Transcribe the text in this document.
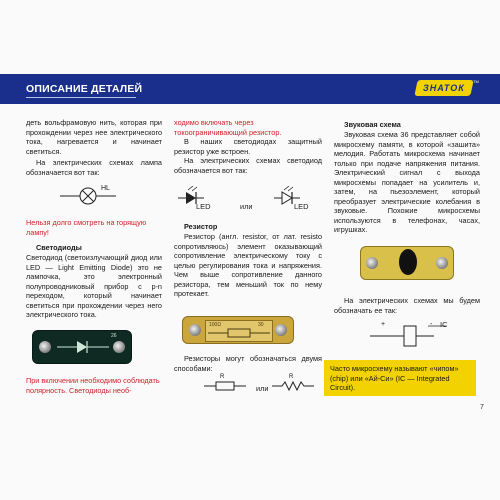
ОПИСАНИЕ ДЕТАЛЕЙ	ЗНАТОК
TM
деть вольфрамовую нить, которая при прохождении через нее электрического тока, нагревается и начинает светиться.
На электрических схемах лампа обозначается вот так:
HL
Нельзя долго смотреть на горящую лампу!
Светодиоды
Светодиод (светоизлучающий диод или LED — Light Emitting Diode) это не лампочка, это электронный полупроводниковый прибор с p-n переходом, который начинает светиться при прохождении через него электрического тока.
26
При включении необходимо соблюдать полярность. Светодиоды необ-
ходимо включать через токоограничивающий резистор.
В наших светодиодах защитный резистор уже встроен.
На электрических схемах светодиод обозначается вот так:
LED	или	LED
Резистор
Резистор (англ. resistor, от лат. resisto сопротивляюсь) элемент оказывающий сопротивление электрическому току с целью регулирования тока и напряжения. Чем выше сопротивление данного резистора, тем меньший ток по нему протекает.
100Ω	30
Резисторы могут обозначаться двумя способами:
R
или
R
Звуковая схема
Звуковая схема 36 представляет собой микросхему памяти, в которой «зашита» мелодия. Работать микросхема начинает только при подаче напряжения питания. Электрический сигнал с выхода микросхемы попадает на усилитель и, затем, на пьезоэлемент, который преобразует электрические колебания в звуковые. Похожие микросхемы используются в телефонах, часах, игрушках.
На электрических схемах мы будем обозначать ее так:
+	- IC
Часто микросхему называют «чипом» (chip) или «Ай-Си» (IC — Integrated Circuit).
7
